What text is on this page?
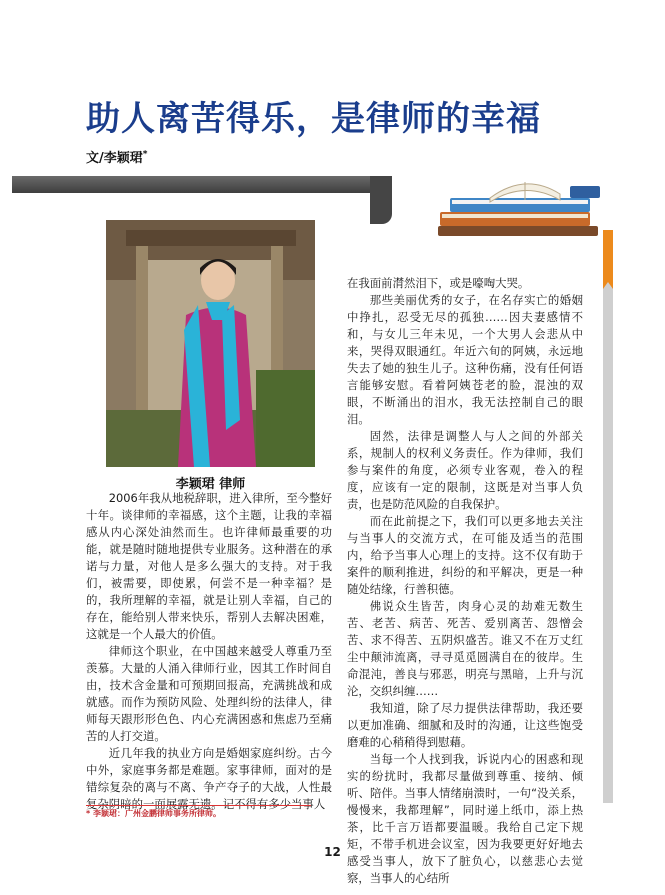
助人离苦得乐，是律师的幸福
文/李颖珺*
李颖珺 律师

2006年我从地税辞职，进入律所，至今整好十年。谈律师的幸福感，这个主题，让我的幸福感从内心深处油然而生。也许律师最重要的功能，就是随时随地提供专业服务。这种潜在的承诺与力量，对他人是多么强大的支持。对于我们，被需要，即使累，何尝不是一种幸福？是的，我所理解的幸福，就是让别人幸福，自己的存在，能给别人带来快乐，帮别人去解决困难，这就是一个人最大的价值。

律师这个职业，在中国越来越受人尊重乃至羡慕。大量的人涌入律师行业，因其工作时间自由，技术含金量和可预期回报高，充满挑战和成就感。而作为预防风险、处理纠纷的法律人，律师每天跟形形色色、内心充满困惑和焦虑乃至痛苦的人打交道。

近几年我的执业方向是婚姻家庭纠纷。古今中外，家庭事务都是难题。家事律师，面对的是错综复杂的离与不离、争产夺子的大战，人性最复杂阴暗的一面展露无遗。记不得有多少当事人

在我面前潸然泪下，或是嚎啕大哭。

那些美丽优秀的女子，在名存实亡的婚姻中挣扎，忍受无尽的孤独……因夫妻感情不和，与女儿三年未见，一个大男人会悲从中来，哭得双眼通红。年近六旬的阿姨，永远地失去了她的独生儿子。这种伤痛，没有任何语言能够安慰。看着阿姨苍老的脸，混浊的双眼，不断涌出的泪水，我无法控制自己的眼泪。

固然，法律是调整人与人之间的外部关系，规制人的权利义务责任。作为律师，我们参与案件的角度，必须专业客观，卷入的程度，应该有一定的限制，这既是对当事人负责，也是防范风险的自我保护。

而在此前提之下，我们可以更多地去关注与当事人的交流方式，在可能及适当的范围内，给予当事人心理上的支持。这不仅有助于案件的顺利推进，纠纷的和平解决，更是一种随处结缘，行善积德。

佛说众生皆苦，肉身心灵的劫难无数生苦、老苦、病苦、死苦、爱别离苦、怨憎会苦、求不得苦、五阴炽盛苦。谁又不在万丈红尘中颠沛流离，寻寻觅觅圆满自在的彼岸。生命混沌，善良与邪恶，明亮与黑暗，上升与沉沦，交织纠缠……

我知道，除了尽力提供法律帮助，我还要以更加准确、细腻和及时的沟通，让这些饱受磨难的心稍稍得到慰藉。

当每一个人找到我，诉说内心的困惑和现实的纷扰时，我都尽量做到尊重、接纳、倾听、陪伴。当事人情绪崩溃时，一句“没关系，慢慢来，我都理解”，同时递上纸巾，添上热茶，比千言万语都要温暖。我给自己定下规矩，不带手机进会议室，因为我要更好好地去感受当事人，放下了脏负心，以慈悲心去觉察，当事人的心结所

* 李颖珺：广州金鹏律师事务所律师。
12
